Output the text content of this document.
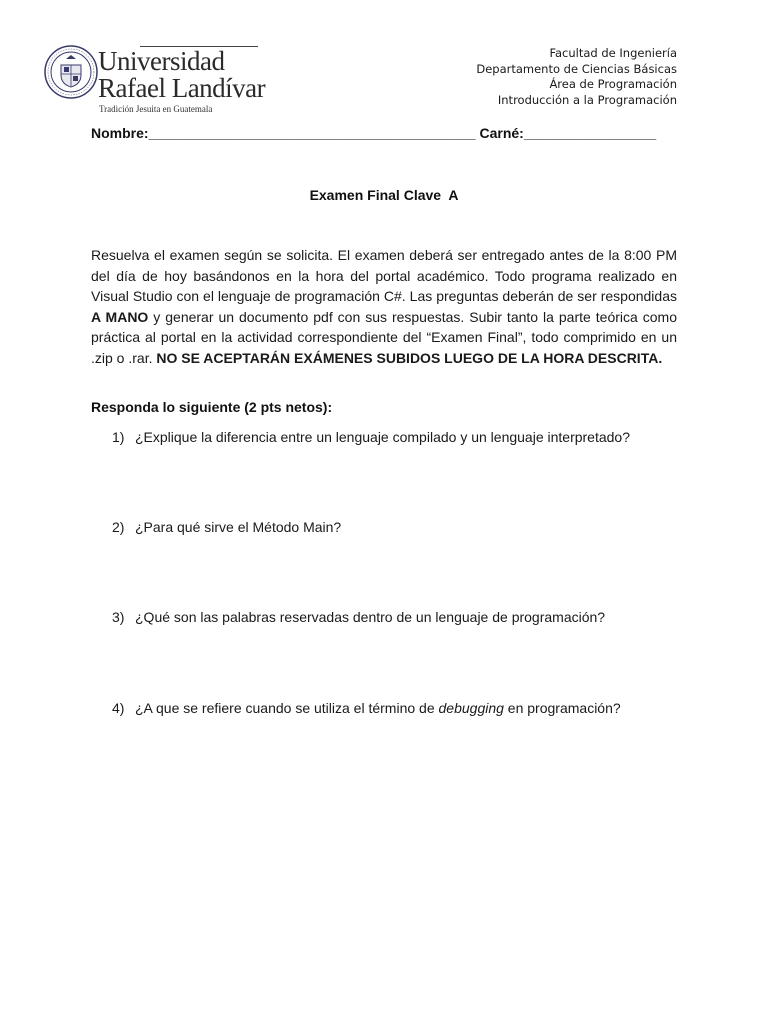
Universidad
Rafael Landívar
Tradición Jesuita en Guatemala
Facultad de Ingeniería
Departamento de Ciencias Básicas
Área de Programación
Introducción a la Programación
Nombre:__________________________________________ Carné:_________________
Examen Final Clave  A
Resuelva el examen según se solicita. El examen deberá ser entregado antes de la 8:00 PM del día de hoy basándonos en la hora del portal académico. Todo programa realizado en Visual Studio con el lenguaje de programación C#. Las preguntas deberán de ser respondidas A MANO y generar un documento pdf con sus respuestas. Subir tanto la parte teórica como práctica al portal en la actividad correspondiente del “Examen Final”, todo comprimido en un .zip o .rar. NO SE ACEPTARÁN EXÁMENES SUBIDOS LUEGO DE LA HORA DESCRITA.
Responda lo siguiente (2 pts netos):
1) ¿Explique la diferencia entre un lenguaje compilado y un lenguaje interpretado?
2) ¿Para qué sirve el Método Main?
3) ¿Qué son las palabras reservadas dentro de un lenguaje de programación?
4) ¿A que se refiere cuando se utiliza el término de debugging en programación?
